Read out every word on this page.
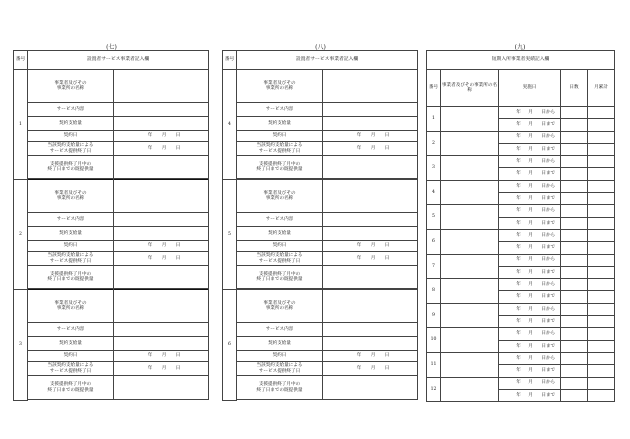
(七)
番号	設置者サービス事業者記入欄	
1	事業者及びその
事業所の名称	
	サービス内容	
	契約支給量	
	契約日	年 月 日
	当該契約支給量による
サービス提供終了日	年 月 日
	支援提供終了月中の
終了日までの既提供量	

2	事業者及びその
事業所の名称	
	サービス内容	
	契約支給量	
	契約日	年 月 日
	当該契約支給量による
サービス提供終了日	年 月 日
	支援提供終了月中の
終了日までの既提供量	

3	事業者及びその
事業所の名称	
	サービス内容	
	契約支給量	
	契約日	年 月 日
	当該契約支給量による
サービス提供終了日	年 月 日
	支援提供終了月中の
終了日までの既提供量	

(八)
番号	設置者サービス事業者記入欄	
4	事業者及びその
事業所の名称	
	サービス内容	
	契約支給量	
	契約日	年 月 日
	当該契約支給量による
サービス提供終了日	年 月 日
	支援提供終了月中の
終了日までの既提供量	

5	事業者及びその
事業所の名称	
	サービス内容	
	契約支給量	
	契約日	年 月 日
	当該契約支給量による
サービス提供終了日	年 月 日
	支援提供終了月中の
終了日までの既提供量	

6	事業者及びその
事業所の名称	
	サービス内容	
	契約支給量	
	契約日	年 月 日
	当該契約支給量による
サービス提供終了日	年 月 日
	支援提供終了月中の
終了日までの既提供量	

(九)
短期入所事業者実績記入欄							
番号	事業者及びその事業所の名称	実施日				日数	月累計
1			年	月	日から		
			年	月	日まで		
2			年	月	日から		
			年	月	日まで		
3			年	月	日から		
			年	月	日まで		
4			年	月	日から		
			年	月	日まで		
5			年	月	日から		
			年	月	日まで		
6			年	月	日から		
			年	月	日まで		
7			年	月	日から		
			年	月	日まで		
8			年	月	日から		
			年	月	日まで		
9			年	月	日から		
			年	月	日まで		
10			年	月	日から		
			年	月	日まで		
11			年	月	日から		
			年	月	日まで		
12			年	月	日から		
			年	月	日まで		
